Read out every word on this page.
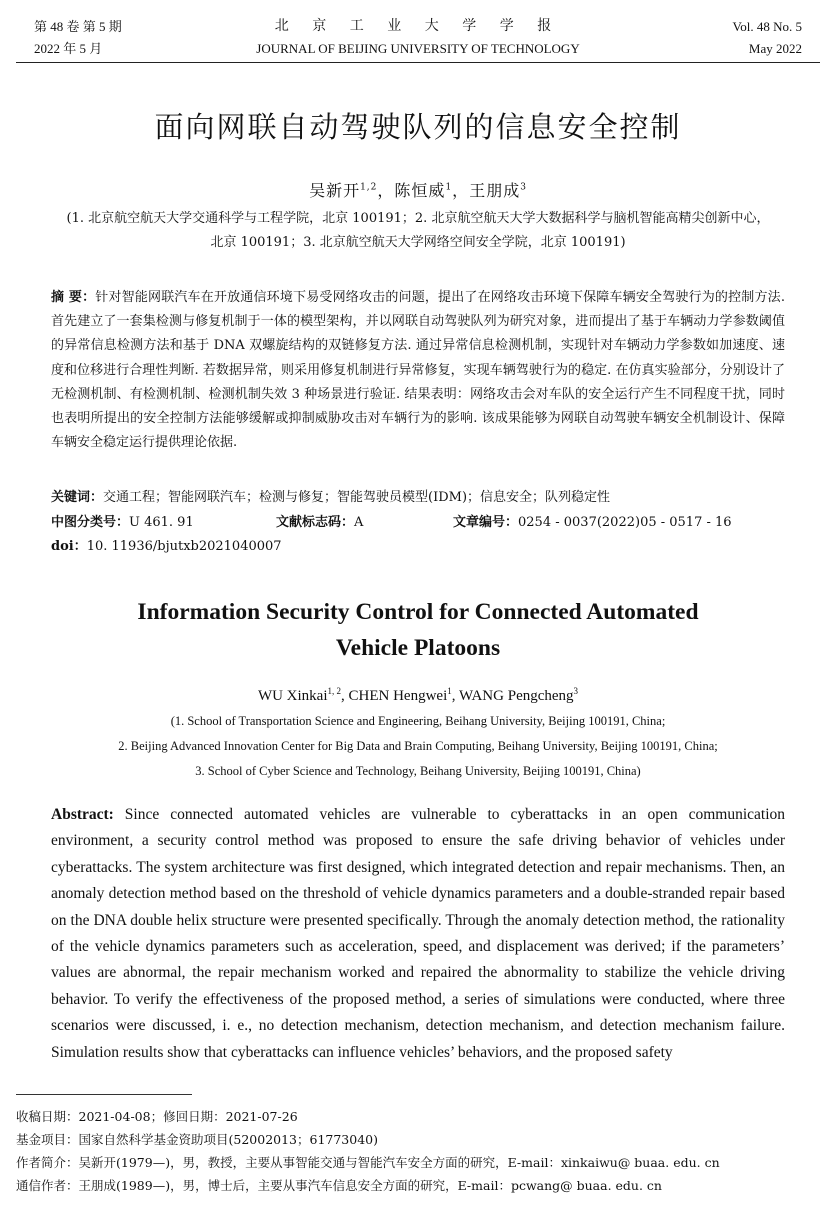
第 48 卷 第 5 期
2022 年 5 月
北 京 工 业 大 学 学 报
JOURNAL OF BEIJING UNIVERSITY OF TECHNOLOGY
Vol. 48 No. 5
May 2022
面向网联自动驾驶队列的信息安全控制
吴新开$^{1,2}$，陈恒威$^1$，王朋成$^3$
(1. 北京航空航天大学交通科学与工程学院，北京 100191；2. 北京航空航天大学大数据科学与脑机智能高精尖创新中心，
北京 100191；3. 北京航空航天大学网络空间安全学院，北京 100191)
摘 要：针对智能网联汽车在开放通信环境下易受网络攻击的问题，提出了在网络攻击环境下保障车辆安全驾驶行为的控制方法. 首先建立了一套集检测与修复机制于一体的模型架构，并以网联自动驾驶队列为研究对象，进而提出了基于车辆动力学参数阈值的异常信息检测方法和基于 DNA 双螺旋结构的双链修复方法. 通过异常信息检测机制，实现针对车辆动力学参数如加速度、速度和位移进行合理性判断. 若数据异常，则采用修复机制进行异常修复，实现车辆驾驶行为的稳定. 在仿真实验部分，分别设计了无检测机制、有检测机制、检测机制失效 3 种场景进行验证. 结果表明：网络攻击会对车队的安全运行产生不同程度干扰，同时也表明所提出的安全控制方法能够缓解或抑制威胁攻击对车辆行为的影响. 该成果能够为网联自动驾驶车辆安全机制设计、保障车辆安全稳定运行提供理论依据.
关键词：交通工程；智能网联汽车；检测与修复；智能驾驶员模型(IDM)；信息安全；队列稳定性
中图分类号：U 461. 91	文献标志码：A	文章编号：0254 - 0037(2022)05 - 0517 - 16
doi：10. 11936/bjutxb2021040007
Information Security Control for Connected Automated
Vehicle Platoons
WU Xinkai$^{1, 2}$, CHEN Hengwei$^1$, WANG Pengcheng$^3$
(1. School of Transportation Science and Engineering, Beihang University, Beijing 100191, China;
2. Beijing Advanced Innovation Center for Big Data and Brain Computing, Beihang University, Beijing 100191, China;
3. School of Cyber Science and Technology, Beihang University, Beijing 100191, China)
Abstract: Since connected automated vehicles are vulnerable to cyberattacks in an open communication environment, a security control method was proposed to ensure the safe driving behavior of vehicles under cyberattacks. The system architecture was first designed, which integrated detection and repair mechanisms. Then, an anomaly detection method based on the threshold of vehicle dynamics parameters and a double-stranded repair based on the DNA double helix structure were presented specifically. Through the anomaly detection method, the rationality of the vehicle dynamics parameters such as acceleration, speed, and displacement was derived; if the parameters’ values are abnormal, the repair mechanism worked and repaired the abnormality to stabilize the vehicle driving behavior. To verify the effectiveness of the proposed method, a series of simulations were conducted, where three scenarios were discussed, i. e., no detection mechanism, detection mechanism, and detection mechanism failure. Simulation results show that cyberattacks can influence vehicles’ behaviors, and the proposed safety
收稿日期：2021-04-08；修回日期：2021-07-26
基金项目：国家自然科学基金资助项目(52002013；61773040)
作者简介：吴新开(1979—)，男，教授，主要从事智能交通与智能汽车安全方面的研究，E-mail：xinkaiwu@ buaa. edu. cn
通信作者：王朋成(1989—)，男，博士后，主要从事汽车信息安全方面的研究，E-mail：pcwang@ buaa. edu. cn
